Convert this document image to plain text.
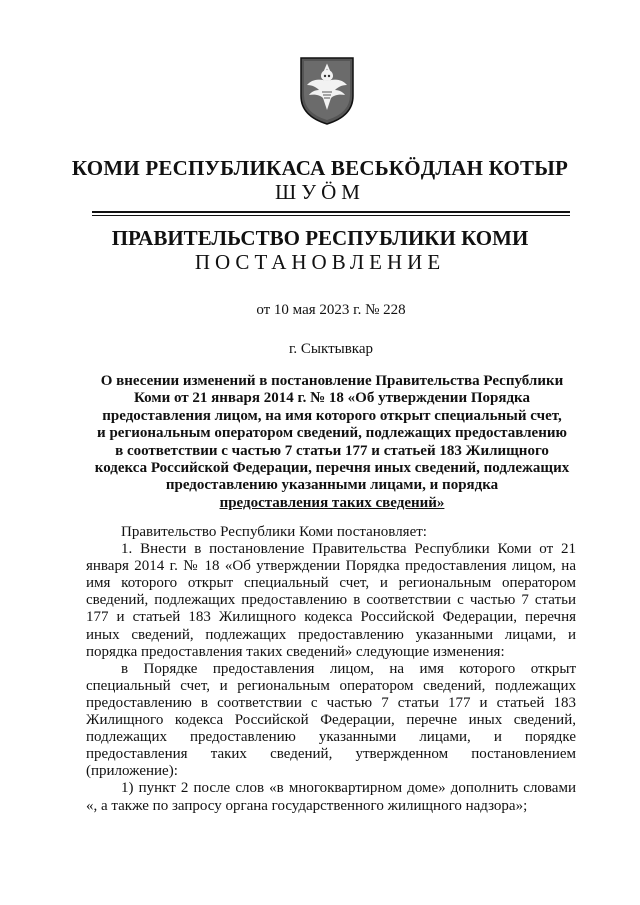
КОМИ РЕСПУБЛИКАСА ВЕСЬКӦДЛАН КОТЫР
ШУӦМ
ПРАВИТЕЛЬСТВО РЕСПУБЛИКИ КОМИ
ПОСТАНОВЛЕНИЕ
от 10 мая 2023 г. № 228
г. Сыктывкар
О внесении изменений в постановление Правительства Республики
Коми от 21 января 2014 г. № 18 «Об утверждении Порядка
предоставления лицом, на имя которого открыт специальный счет,
и региональным оператором сведений, подлежащих предоставлению
в соответствии с частью 7 статьи 177 и статьей 183 Жилищного
кодекса Российской Федерации, перечня иных сведений, подлежащих
предоставлению указанными лицами, и порядка
предоставления таких сведений»

Правительство Республики Коми постановляет:

1. Внести в постановление Правительства Республики Коми от 21 января 2014 г. № 18 «Об утверждении Порядка предоставления лицом, на имя которого открыт специальный счет, и региональным оператором сведений, подлежащих предоставлению в соответствии с частью 7 статьи 177 и статьей 183 Жилищного кодекса Российской Федерации, перечня иных сведений, подлежащих предоставлению указанными лицами, и порядка предоставления таких сведений» следующие изменения:

в Порядке предоставления лицом, на имя которого открыт специальный счет, и региональным оператором сведений, подлежащих предоставлению в соответствии с частью 7 статьи 177 и статьей 183 Жилищного кодекса Российской Федерации, перечне иных сведений, подлежащих предоставлению указанными лицами, и порядке предоставления таких сведений, утвержденном постановлением (приложение):

1) пункт 2 после слов «в многоквартирном доме» дополнить словами «, а также по запросу органа государственного жилищного надзора»;
